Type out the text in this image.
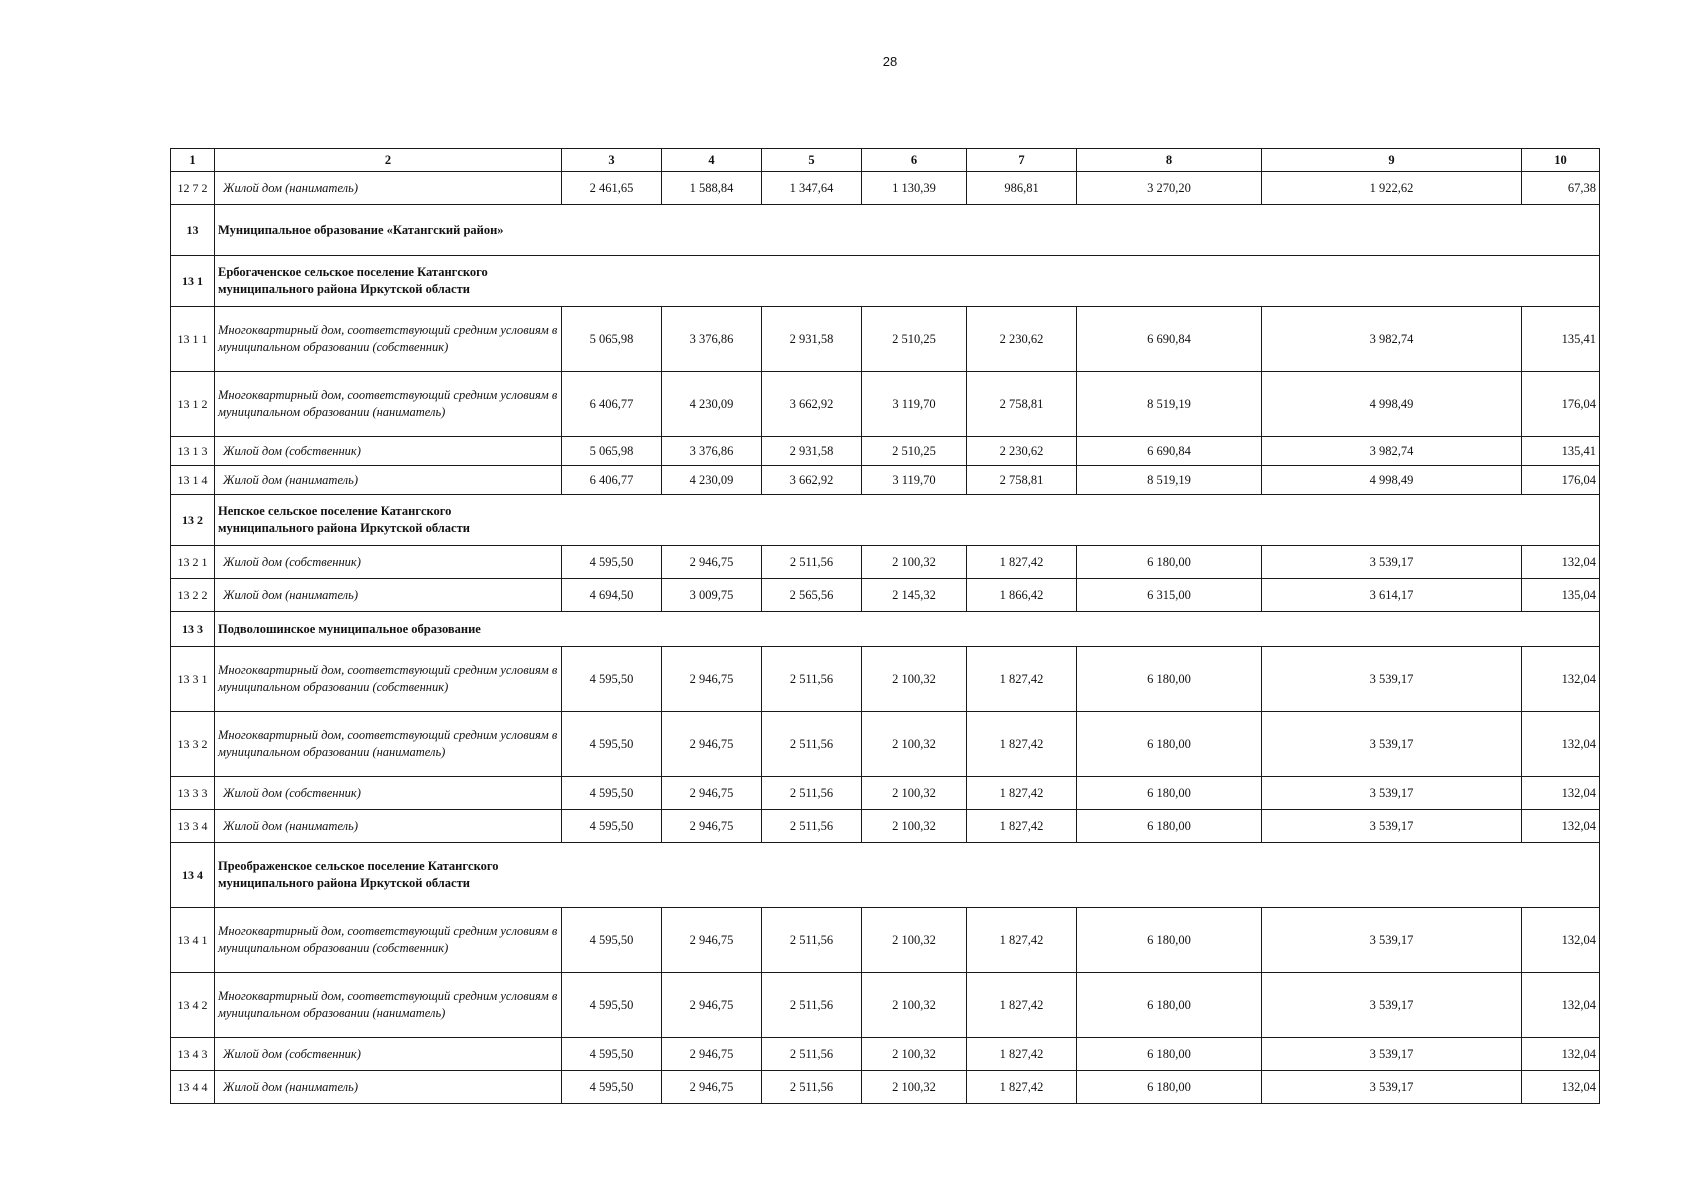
28
1	2	3	4	5	6	7	8	9	10
12 7 2	Жилой дом (наниматель)	2 461,65	1 588,84	1 347,64	1 130,39	986,81	3 270,20	1 922,62	67,38
13	Муниципальное образование «Катангский район»								

13 1	Ербогаченское сельское поселение Катангского муниципального района Иркутской области								

13 1 1	Многоквартирный дом, соответствующий средним условиям в муниципальном образовании (собственник)	5 065,98	3 376,86	2 931,58	2 510,25	2 230,62	6 690,84	3 982,74	135,41
13 1 2	Многоквартирный дом, соответствующий средним условиям в муниципальном образовании (наниматель)	6 406,77	4 230,09	3 662,92	3 119,70	2 758,81	8 519,19	4 998,49	176,04
13 1 3	Жилой дом (собственник)	5 065,98	3 376,86	2 931,58	2 510,25	2 230,62	6 690,84	3 982,74	135,41
13 1 4	Жилой дом (наниматель)	6 406,77	4 230,09	3 662,92	3 119,70	2 758,81	8 519,19	4 998,49	176,04
13 2	Непское сельское поселение Катангского муниципального района Иркутской области								

13 2 1	Жилой дом (собственник)	4 595,50	2 946,75	2 511,56	2 100,32	1 827,42	6 180,00	3 539,17	132,04
13 2 2	Жилой дом (наниматель)	4 694,50	3 009,75	2 565,56	2 145,32	1 866,42	6 315,00	3 614,17	135,04
13 3	Подволошинское муниципальное образование								

13 3 1	Многоквартирный дом, соответствующий средним условиям в муниципальном образовании (собственник)	4 595,50	2 946,75	2 511,56	2 100,32	1 827,42	6 180,00	3 539,17	132,04
13 3 2	Многоквартирный дом, соответствующий средним условиям в муниципальном образовании (наниматель)	4 595,50	2 946,75	2 511,56	2 100,32	1 827,42	6 180,00	3 539,17	132,04
13 3 3	Жилой дом (собственник)	4 595,50	2 946,75	2 511,56	2 100,32	1 827,42	6 180,00	3 539,17	132,04
13 3 4	Жилой дом (наниматель)	4 595,50	2 946,75	2 511,56	2 100,32	1 827,42	6 180,00	3 539,17	132,04
13 4	Преображенское сельское поселение Катангского муниципального района Иркутской области								

13 4 1	Многоквартирный дом, соответствующий средним условиям в муниципальном образовании (собственник)	4 595,50	2 946,75	2 511,56	2 100,32	1 827,42	6 180,00	3 539,17	132,04
13 4 2	Многоквартирный дом, соответствующий средним условиям в муниципальном образовании (наниматель)	4 595,50	2 946,75	2 511,56	2 100,32	1 827,42	6 180,00	3 539,17	132,04
13 4 3	Жилой дом (собственник)	4 595,50	2 946,75	2 511,56	2 100,32	1 827,42	6 180,00	3 539,17	132,04
13 4 4	Жилой дом (наниматель)	4 595,50	2 946,75	2 511,56	2 100,32	1 827,42	6 180,00	3 539,17	132,04
